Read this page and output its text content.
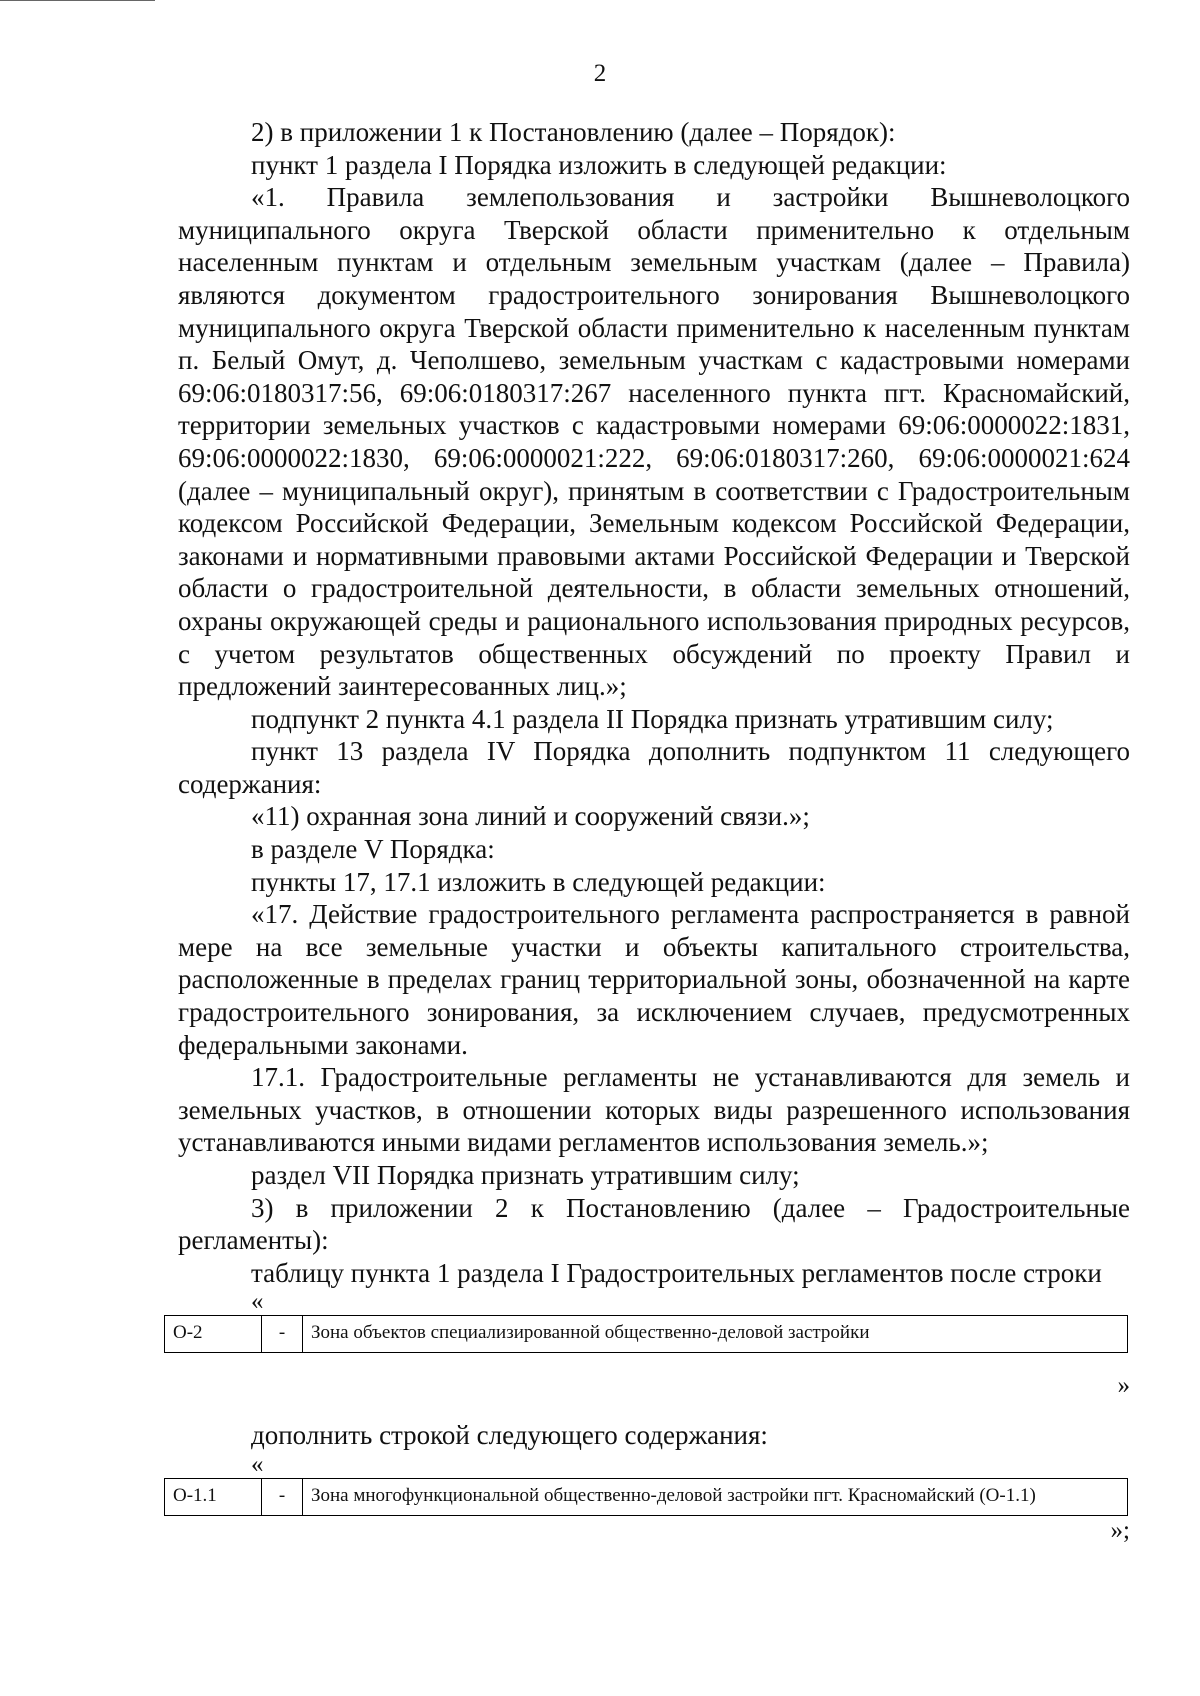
2

2) в приложении 1 к Постановлению (далее – Порядок):

пункт 1 раздела I Порядка изложить в следующей редакции:

«1. Правила землепользования и застройки Вышневолоцкого муниципального округа Тверской области применительно к отдельным населенным пунктам и отдельным земельным участкам (далее – Правила) являются документом градостроительного зонирования Вышневолоцкого муниципального округа Тверской области применительно к населенным пунктам п. Белый Омут, д. Чеполшево, земельным участкам с кадастровыми номерами 69:06:0180317:56, 69:06:0180317:267 населенного пункта пгт. Красномайский, территории земельных участков с кадастровыми номерами 69:06:0000022:1831, 69:06:0000022:1830, 69:06:0000021:222, 69:06:0180317:260, 69:06:0000021:624 (далее – муниципальный округ), принятым в соответствии с Градостроительным кодексом Российской Федерации, Земельным кодексом Российской Федерации, законами и нормативными правовыми актами Российской Федерации и Тверской области о градостроительной деятельности, в области земельных отношений, охраны окружающей среды и рационального использования природных ресурсов, с учетом результатов общественных обсуждений по проекту Правил и предложений заинтересованных лиц.»;

подпункт 2 пункта 4.1 раздела II Порядка признать утратившим силу;

пункт 13 раздела IV Порядка дополнить подпунктом 11 следующего содержания:

«11) охранная зона линий и сооружений связи.»;

в разделе V Порядка:

пункты 17, 17.1 изложить в следующей редакции:

«17. Действие градостроительного регламента распространяется в равной мере на все земельные участки и объекты капитального строительства, расположенные в пределах границ территориальной зоны, обозначенной на карте градостроительного зонирования, за исключением случаев, предусмотренных федеральными законами.

17.1. Градостроительные регламенты не устанавливаются для земель и земельных участков, в отношении которых виды разрешенного использования устанавливаются иными видами регламентов использования земель.»;

раздел VII Порядка признать утратившим силу;

3) в приложении 2 к Постановлению (далее – Градостроительные регламенты):

таблицу пункта 1 раздела I Градостроительных регламентов после строки

«
О-2	-	Зона объектов специализированной общественно-деловой застройки
»

дополнить строкой следующего содержания:

«
О-1.1	-	Зона многофункциональной общественно-деловой застройки пгт. Красномайский (О-1.1)
»;
